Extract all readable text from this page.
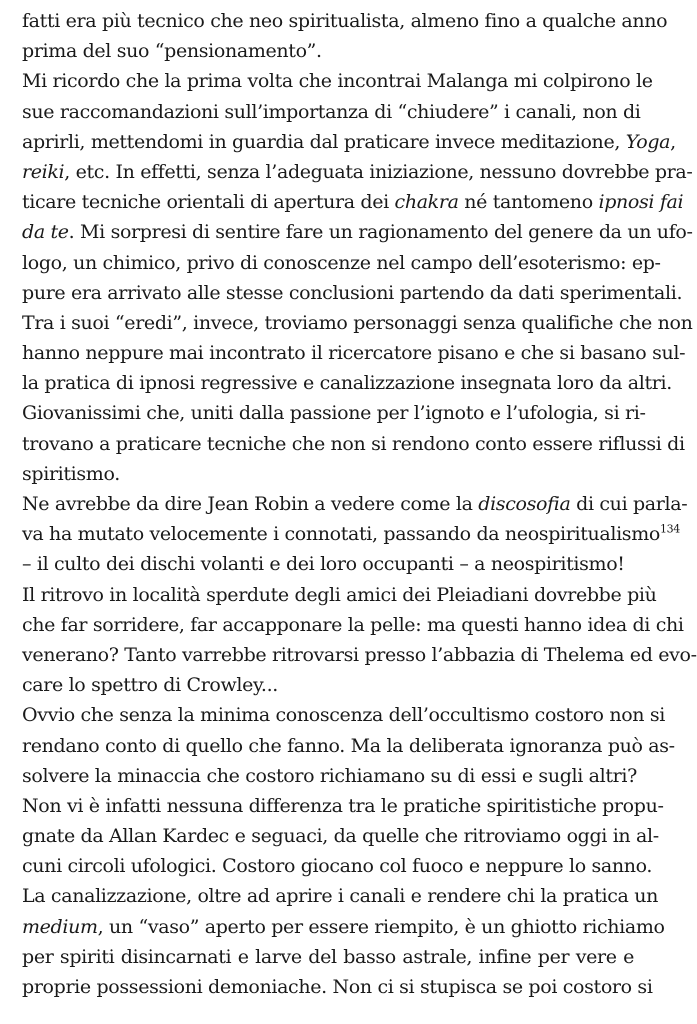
fatti era più tecnico che neo spiritualista, almeno fino a qualche anno
prima del suo “pensionamento”.
Mi ricordo che la prima volta che incontrai Malanga mi colpirono le
sue raccomandazioni sull’importanza di “chiudere” i canali, non di
aprirli, mettendomi in guardia dal praticare invece meditazione, Yoga,
reiki, etc. In effetti, senza l’adeguata iniziazione, nessuno dovrebbe pra-
ticare tecniche orientali di apertura dei chakra né tantomeno ipnosi fai
da te. Mi sorpresi di sentire fare un ragionamento del genere da un ufo-
logo, un chimico, privo di conoscenze nel campo dell’esoterismo: ep-
pure era arrivato alle stesse conclusioni partendo da dati sperimentali.
Tra i suoi “eredi”, invece, troviamo personaggi senza qualifiche che non
hanno neppure mai incontrato il ricercatore pisano e che si basano sul-
la pratica di ipnosi regressive e canalizzazione insegnata loro da altri.
Giovanissimi che, uniti dalla passione per l’ignoto e l’ufologia, si ri-
trovano a praticare tecniche che non si rendono conto essere riflussi di
spiritismo.
Ne avrebbe da dire Jean Robin a vedere come la discosofia di cui parla-
va ha mutato velocemente i connotati, passando da neospiritualismo$^{134}$
– il culto dei dischi volanti e dei loro occupanti – a neospiritismo!
Il ritrovo in località sperdute degli amici dei Pleiadiani dovrebbe più
che far sorridere, far accapponare la pelle: ma questi hanno idea di chi
venerano? Tanto varrebbe ritrovarsi presso l’abbazia di Thelema ed evo-
care lo spettro di Crowley...
Ovvio che senza la minima conoscenza dell’occultismo costoro non si
rendano conto di quello che fanno. Ma la deliberata ignoranza può as-
solvere la minaccia che costoro richiamano su di essi e sugli altri?
Non vi è infatti nessuna differenza tra le pratiche spiritistiche propu-
gnate da Allan Kardec e seguaci, da quelle che ritroviamo oggi in al-
cuni circoli ufologici. Costoro giocano col fuoco e neppure lo sanno.
La canalizzazione, oltre ad aprire i canali e rendere chi la pratica un
medium, un “vaso” aperto per essere riempito, è un ghiotto richiamo
per spiriti disincarnati e larve del basso astrale, infine per vere e
proprie possessioni demoniache. Non ci si stupisca se poi costoro si
